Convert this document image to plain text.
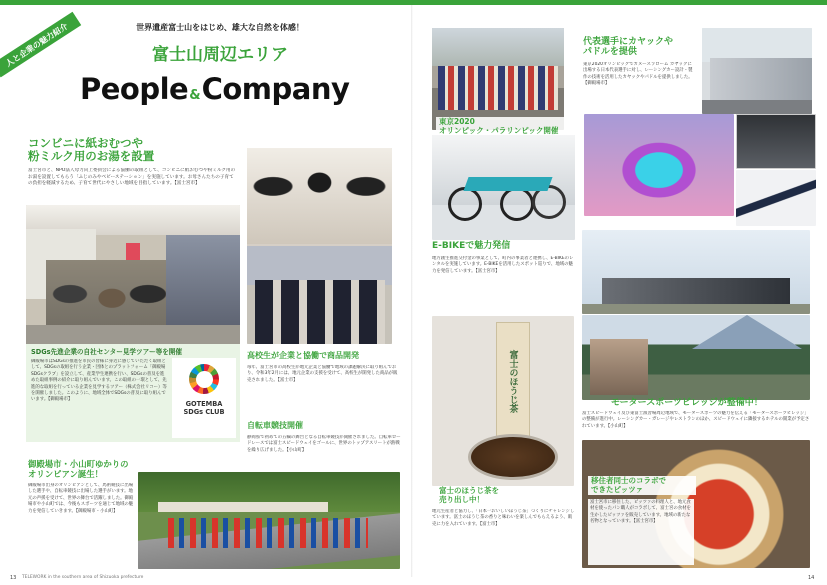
人と企業の魅力紹介	世界遺産富士山をはじめ、雄大な自然を体感！
富士山周辺エリア
People&Company
コンビニに紙おむつや
粉ミルク用のお湯を設置
富士宮市と、NPO法人母力向上委員会による協働の取組として、コンビニに紙おむつや粉ミルク用のお湯を設置してもらう「ふじのみやベビーステーション」を実施しています。お母さんたちの子育ての負担を軽減するため、子育て世代にやさしい地域を目指しています。【富士宮市】
SDGs先進企業の自社センター見学ツアー等を開催
御殿場市はSDGsの推進を市民の皆様に身近に感じていただく取組として、SDGsの取組を行う企業・団体とのプラットフォーム「御殿場SDGsクラブ」を設立して、産業学生連携を行い、SDGsの普及を進めた取組事例の紹介に取り組んでいます。この取組の一環として、先進的な取組を行っている企業を見学するツアー（株式会社リコー）等を開催しました。このように、地域全体でSDGsの普及に取り組んでいます。【御殿場市】
GOTEMBA
SDGs CLUB
高校生が企業と協働で商品開発
毎年、富士宮市の高校生が地元企業と協働で地域の課題解決に取り組んでおり、令和3年2月には、地元企業の支援を受けて、高校生が開発した商品が販売されました。【富士市】
自転車競技開催
静岡県で初めての五輪の舞台となる自転車競技が開催されました。自転車ロードレースでは富士スピードウェイをゴールに、世界のトップアスリートが熱戦を繰り広げました。【小山町】
御殿場市・小山町ゆかりの
オリンピアン誕生！
御殿場市出身のオリンピアンとして、馬術競技に出場した選手や、自転車競技に出場した選手がいます。地元の声援を受けて、世界の舞台で活躍しました。御殿場市や小山町では、今後もスポーツを通じて地域の魅力を発信していきます。【御殿場市・小山町】
13 TELEWORK in the southern area of Shizuoka prefecture
東京2020
オリンピック・パラリンピック開催
代表選手にカヤックや
パドルを提供
東京2020オリンピックでカヌースラローム カヤックに出場する日本代表選手に対し、レーシングカー設計・製作の技術を活用したカヤックやパドルを提供しました。【御殿場市】
E-BIKEで魅力発信
地方創生推進交付金の事業として、町内の事業者と連携し、E-BIKEのレンタルを実施しています。E-BIKEを活用したスポット巡りで、地域の魅力を発信しています。【富士宮市】
モータースポーツビレッジが整備中！
富士スピードウェイ及び東富士演習場周辺地域で、モータースポーツの魅力を伝える「モータースポーツビレッジ」の整備が進行中。レーシングカー・ガレージやレストランのほか、スピードウェイに隣接するホテルの開業が予定されています。【小山町】
富士のほうじ茶
富士のほうじ茶を
売り出し中！
地元生産者と協力し、「日本一おいしいほうじ茶」づくりにチャレンジしています。富士のほうじ茶の香りと味わいを楽しんでもらえるよう、販売に力を入れています。【富士市】
移住者同士のコラボで
できたピッツァ
富士宮市に移住した、ピッツァの料理人と、地元食材を使ったパン職人がコラボして、富士宮の食材を生かしたピッツァを販売しています。地域の新たな名物となっています。【富士宮市】
14
